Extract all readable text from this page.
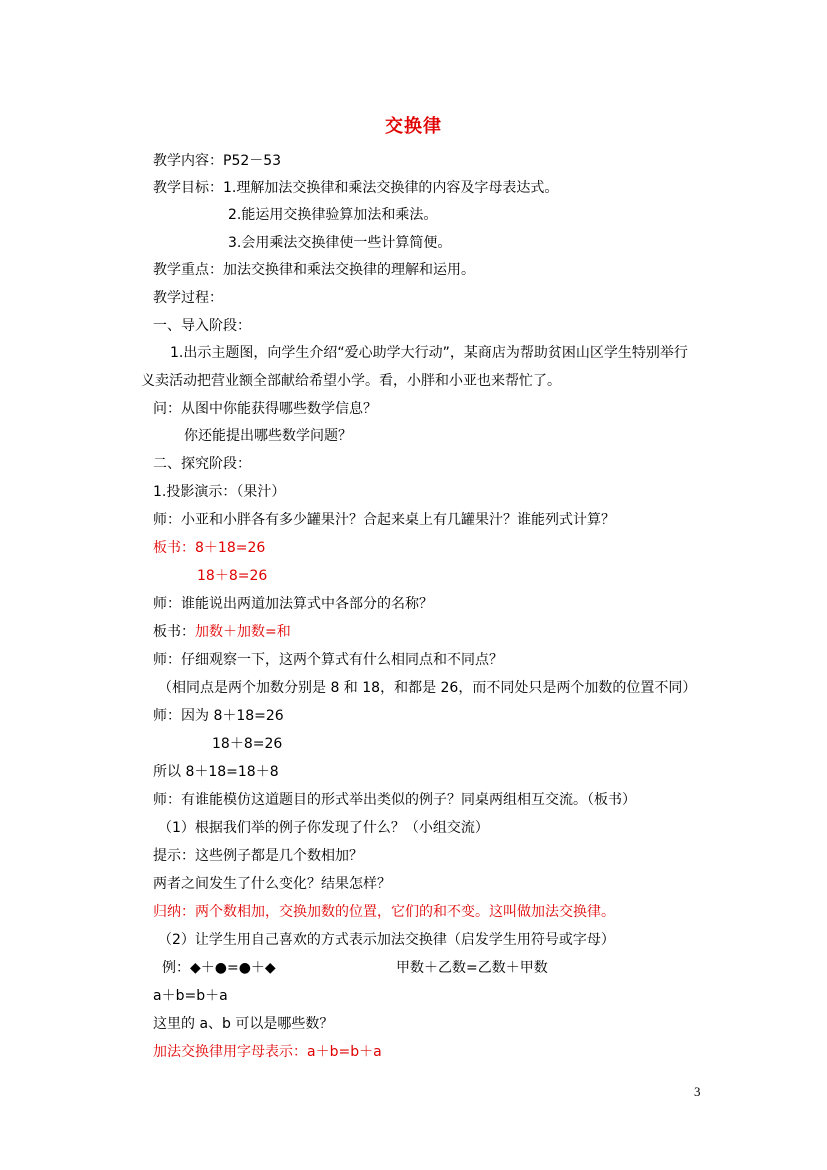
交换律
教学内容：P52－53
教学目标：1.理解加法交换律和乘法交换律的内容及字母表达式。
2.能运用交换律验算加法和乘法。
3.会用乘法交换律使一些计算简便。
教学重点：加法交换律和乘法交换律的理解和运用。
教学过程：
一、导入阶段：
1.出示主题图，向学生介绍“爱心助学大行动”，某商店为帮助贫困山区学生特别举行
义卖活动把营业额全部献给希望小学。看，小胖和小亚也来帮忙了。
问：从图中你能获得哪些数学信息？
你还能提出哪些数学问题？
二、探究阶段：
1.投影演示：（果汁）
师：小亚和小胖各有多少罐果汁？合起来桌上有几罐果汁？谁能列式计算？
板书：8＋18=26
18＋8=26
师：谁能说出两道加法算式中各部分的名称？
板书：加数＋加数=和
师：仔细观察一下，这两个算式有什么相同点和不同点？
（相同点是两个加数分别是 8 和 18，和都是 26，而不同处只是两个加数的位置不同）
师：因为 8＋18=26
18＋8=26
所以 8＋18=18＋8
师：有谁能模仿这道题目的形式举出类似的例子？同桌两组相互交流。（板书）
（1）根据我们举的例子你发现了什么？（小组交流）
提示：这些例子都是几个数相加？
两者之间发生了什么变化？结果怎样？
归纳：两个数相加，交换加数的位置，它们的和不变。这叫做加法交换律。
（2）让学生用自己喜欢的方式表示加法交换律（启发学生用符号或字母）
例：◆＋●=●＋◆	甲数＋乙数=乙数＋甲数
a＋b=b＋a
这里的 a、b 可以是哪些数？
加法交换律用字母表示：a＋b=b＋a
3
